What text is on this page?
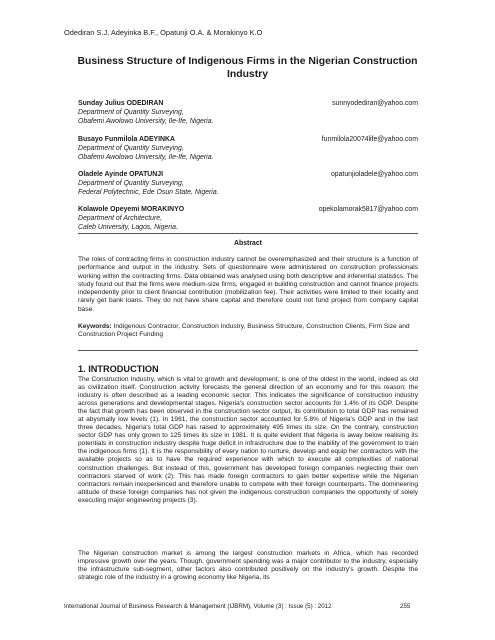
Odediran S.J, Adeyinka B.F., Opatunji O.A. & Morakinyo K.O
Business Structure of Indigenous Firms in the Nigerian Construction Industry
Sunday Julius ODEDIRAN	sunnyodediran@yahoo.com
Department of Quantity Surveying,
Obafemi Awolowo University, Ile-Ife, Nigeria.
Busayo Funmilola ADEYINKA	funmilola20074life@yahoo.com
Department of Quantity Surveying,
Obafemi Awolowo University, Ile-Ife, Nigeria.
Oladele Ayinde OPATUNJI	opatunjioladele@yahoo.com
Department of Quantity Surveying,
Federal Polytechnic, Ede Osun State, Nigeria.
Kolawole Opeyemi MORAKINYO	opekolamorak5817@yahoo.com
Department of Architecture,
Caleb University, Lagos, Nigeria.
Abstract
The roles of contracting firms in construction industry cannot be overemphasized and their structure is a function of performance and output in the industry. Sets of questionnaire were administered on construction professionals working within the contracting firms. Data obtained was analysed using both descriptive and inferential statistics. The study found out that the firms were medium-size firms, engaged in building construction and cannot finance projects independently prior to client financial contribution (mobilization fee). Their activities were limited to their locality and rarely get bank loans. They do not have share capital and therefore could not fund project from company capital base.
Keywords: Indigenous Contractor, Construction Industry, Business Structure, Construction Clients, Firm Size and Construction Project Funding
1. INTRODUCTION
The Construction Industry, which is vital to growth and development, is one of the oldest in the world, indeed as old as civilization itself. Construction activity forecasts the general direction of an economy and for this reason; the industry is often described as a leading economic sector. This indicates the significance of construction industry across generations and developmental stages. Nigeria's construction sector accounts for 1.4% of its GDP. Despite the fact that growth has been observed in the construction sector output, its contribution to total GDP has remained at abysmally low levels (1). In 1981, the construction sector accounted for 5.8% of Nigeria's GDP and in the last three decades, Nigeria's total GDP has raised to approximately 495 times its size. On the contrary, construction sector GDP has only grown to 125 times its size in 1981. It is quite evident that Nigeria is away below realising its potentials in construction industry despite huge deficit in infrastructure due to the inability of the government to train the indigenous firms (1). It is the responsibility of every nation to nurture, develop and equip her contractors with the available projects so as to have the required experience with which to execute all complexities of national construction challenges. But instead of this, government has developed foreign companies neglecting their own contractors starved of work (2). This has made foreign contractors to gain better expertise while the Nigerian contractors remain inexperienced and therefore unable to compete with their foreign counterparts. The domineering attitude of these foreign companies has not given the indigenous construction companies the opportunity of solely executing major engineering projects (3).
The Nigerian construction market is among the largest construction markets in Africa, which has recorded impressive growth over the years. Though, government spending was a major contributor to the industry, especially the infrastructure sub-segment, other factors also contributed positively on the industry's growth. Despite the strategic role of the industry in a growing economy like Nigeria, its
International Journal of Business Research & Management (IJBRM), Volume (3) : Issue (5) : 2012	255
